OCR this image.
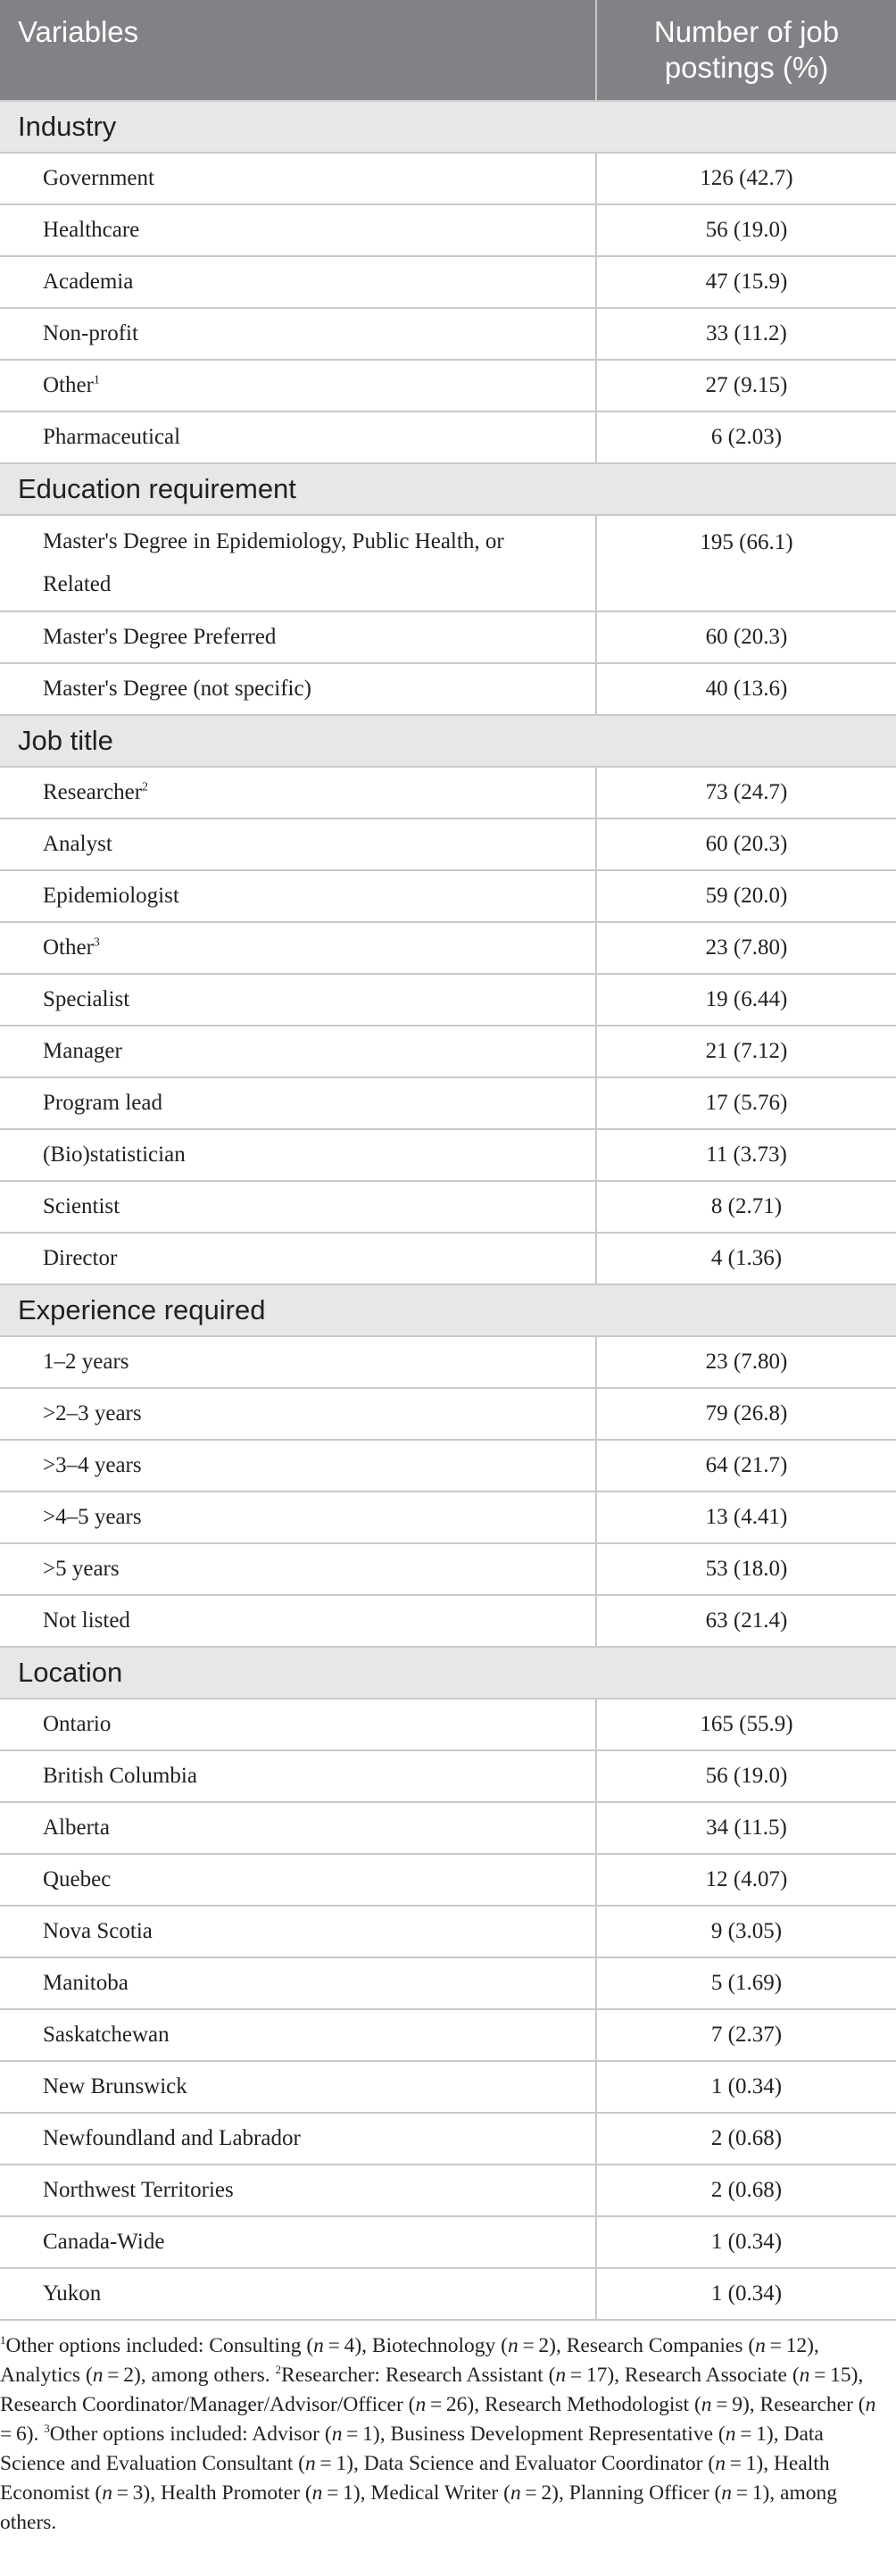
Variables	Number of job
postings (%)
Industry	
Government	126 (42.7)
Healthcare	56 (19.0)
Academia	47 (15.9)
Non-profit	33 (11.2)
Other$^1$	27 (9.15)
Pharmaceutical	6 (2.03)
Education requirement	
Master's Degree in Epidemiology, Public Health, or Related	195 (66.1)
Master's Degree Preferred	60 (20.3)
Master's Degree (not specific)	40 (13.6)
Job title	
Researcher$^2$	73 (24.7)
Analyst	60 (20.3)
Epidemiologist	59 (20.0)
Other$^3$	23 (7.80)
Specialist	19 (6.44)
Manager	21 (7.12)
Program lead	17 (5.76)
(Bio)statistician	11 (3.73)
Scientist	8 (2.71)
Director	4 (1.36)
Experience required	
1–2 years	23 (7.80)
>2–3 years	79 (26.8)
>3–4 years	64 (21.7)
>4–5 years	13 (4.41)
>5 years	53 (18.0)
Not listed	63 (21.4)
Location	
Ontario	165 (55.9)
British Columbia	56 (19.0)
Alberta	34 (11.5)
Quebec	12 (4.07)
Nova Scotia	9 (3.05)
Manitoba	5 (1.69)
Saskatchewan	7 (2.37)
New Brunswick	1 (0.34)
Newfoundland and Labrador	2 (0.68)
Northwest Territories	2 (0.68)
Canada-Wide	1 (0.34)
Yukon	1 (0.34)
$^1$Other options included: Consulting (n = 4), Biotechnology (n = 2), Research Companies (n = 12), Analytics (n = 2), among others. $^2$Researcher: Research Assistant (n = 17), Research Associate (n = 15), Research Coordinator/Manager/Advisor/Officer (n = 26), Research Methodologist (n = 9), Researcher (n = 6). $^3$Other options included: Advisor (n = 1), Business Development Representative (n = 1), Data Science and Evaluation Consultant (n = 1), Data Science and Evaluator Coordinator (n = 1), Health Economist (n = 3), Health Promoter (n = 1), Medical Writer (n = 2), Planning Officer (n = 1), among others.
